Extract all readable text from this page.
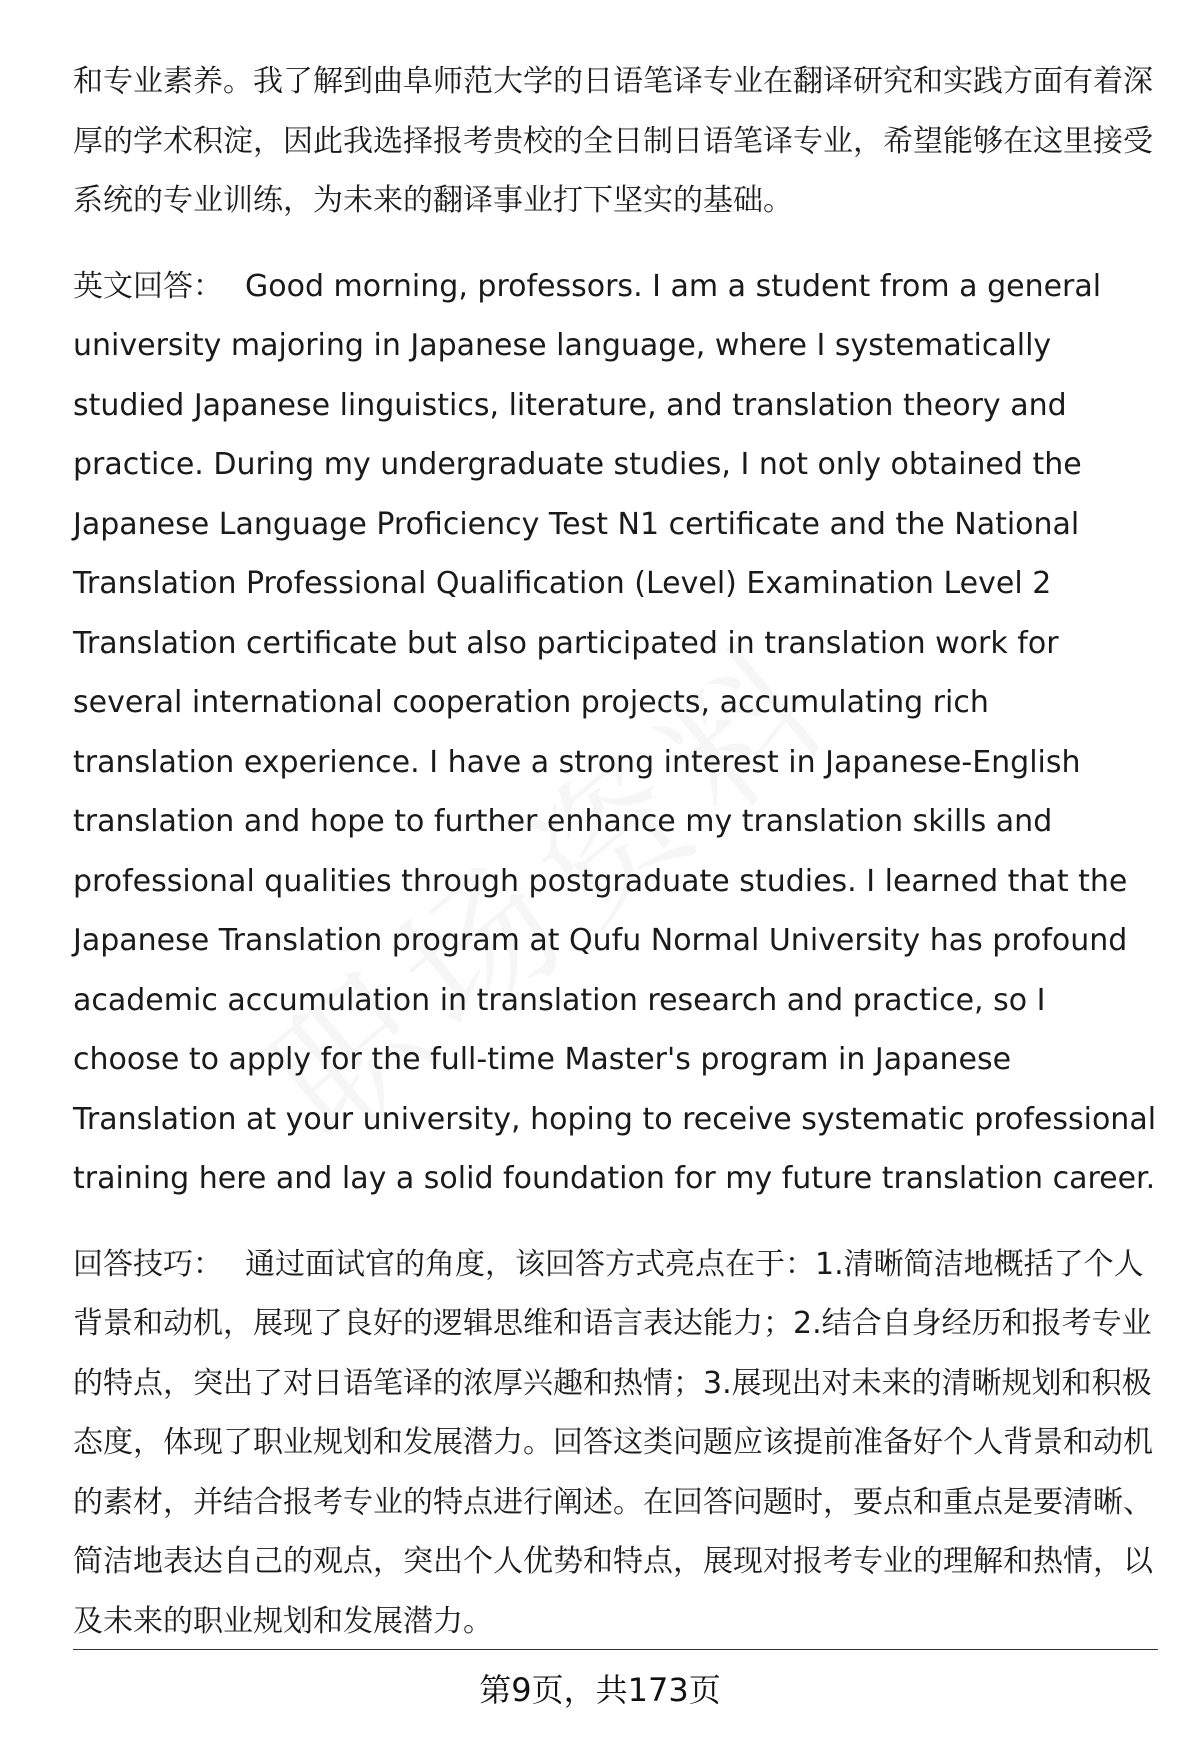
和专业素养。我了解到曲阜师范大学的日语笔译专业在翻译研究和实践方面有着深厚的学术积淀，因此我选择报考贵校的全日制日语笔译专业，希望能够在这里接受系统的专业训练，为未来的翻译事业打下坚实的基础。

英文回答： Good morning, professors. I am a student from a general university majoring in Japanese language, where I systematically studied Japanese linguistics, literature, and translation theory and practice. During my undergraduate studies, I not only obtained the Japanese Language Proficiency Test N1 certificate and the National Translation Professional Qualification (Level) Examination Level 2 Translation certificate but also participated in translation work for several international cooperation projects, accumulating rich translation experience. I have a strong interest in Japanese-English translation and hope to further enhance my translation skills and professional qualities through postgraduate studies. I learned that the Japanese Translation program at Qufu Normal University has profound academic accumulation in translation research and practice, so I choose to apply for the full-time Master's program in Japanese Translation at your university, hoping to receive systematic professional training here and lay a solid foundation for my future translation career.

回答技巧： 通过面试官的角度，该回答方式亮点在于：1.清晰简洁地概括了个人背景和动机，展现了良好的逻辑思维和语言表达能力；2.结合自身经历和报考专业的特点，突出了对日语笔译的浓厚兴趣和热情；3.展现出对未来的清晰规划和积极态度，体现了职业规划和发展潜力。回答这类问题应该提前准备好个人背景和动机的素材，并结合报考专业的特点进行阐述。在回答问题时，要点和重点是要清晰、简洁地表达自己的观点，突出个人优势和特点，展现对报考专业的理解和热情，以及未来的职业规划和发展潜力。

第9页，共173页
